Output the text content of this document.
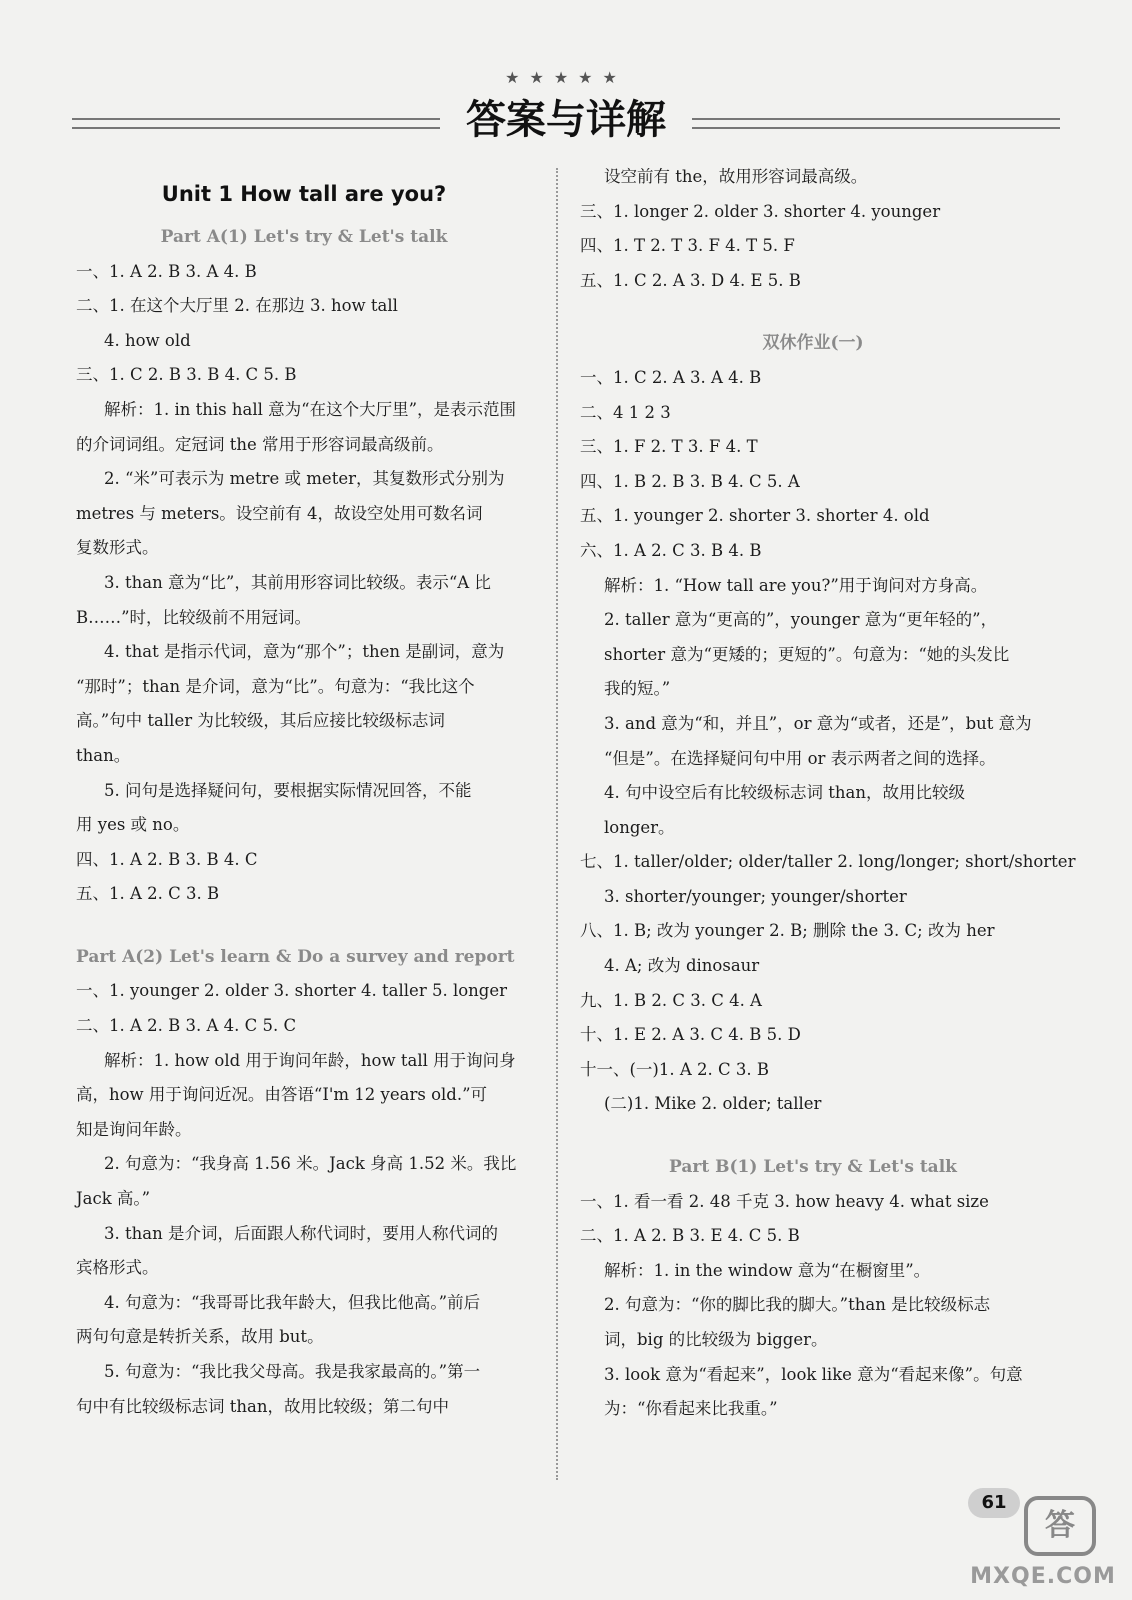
★★★★★
答案与详解
Unit 1 How tall are you?
Part A(1) Let's try & Let's talk
一、1. A 2. B 3. A 4. B
二、1. 在这个大厅里 2. 在那边 3. how tall
4. how old
三、1. C 2. B 3. B 4. C 5. B
解析：1. in this hall 意为“在这个大厅里”，是表示范围
的介词词组。定冠词 the 常用于形容词最高级前。
2. “米”可表示为 metre 或 meter，其复数形式分别为
metres 与 meters。设空前有 4，故设空处用可数名词
复数形式。
3. than 意为“比”，其前用形容词比较级。表示“A 比
B……”时，比较级前不用冠词。
4. that 是指示代词，意为“那个”；then 是副词，意为
“那时”；than 是介词，意为“比”。句意为：“我比这个
高。”句中 taller 为比较级，其后应接比较级标志词
than。
5. 问句是选择疑问句，要根据实际情况回答，不能
用 yes 或 no。
四、1. A 2. B 3. B 4. C
五、1. A 2. C 3. B
Part A(2) Let's learn & Do a survey and report
一、1. younger 2. older 3. shorter 4. taller 5. longer
二、1. A 2. B 3. A 4. C 5. C
解析：1. how old 用于询问年龄，how tall 用于询问身
高，how 用于询问近况。由答语“I'm 12 years old.”可
知是询问年龄。
2. 句意为：“我身高 1.56 米。Jack 身高 1.52 米。我比
Jack 高。”
3. than 是介词，后面跟人称代词时，要用人称代词的
宾格形式。
4. 句意为：“我哥哥比我年龄大，但我比他高。”前后
两句句意是转折关系，故用 but。
5. 句意为：“我比我父母高。我是我家最高的。”第一
句中有比较级标志词 than，故用比较级；第二句中
设空前有 the，故用形容词最高级。
三、1. longer 2. older 3. shorter 4. younger
四、1. T 2. T 3. F 4. T 5. F
五、1. C 2. A 3. D 4. E 5. B
双休作业(一)
一、1. C 2. A 3. A 4. B
二、4 1 2 3
三、1. F 2. T 3. F 4. T
四、1. B 2. B 3. B 4. C 5. A
五、1. younger 2. shorter 3. shorter 4. old
六、1. A 2. C 3. B 4. B
解析：1. “How tall are you?”用于询问对方身高。
2. taller 意为“更高的”，younger 意为“更年轻的”，
shorter 意为“更矮的；更短的”。句意为：“她的头发比
我的短。”
3. and 意为“和，并且”，or 意为“或者，还是”，but 意为
“但是”。在选择疑问句中用 or 表示两者之间的选择。
4. 句中设空后有比较级标志词 than，故用比较级
longer。
七、1. taller/older; older/taller 2. long/longer; short/shorter
3. shorter/younger; younger/shorter
八、1. B; 改为 younger 2. B; 删除 the 3. C; 改为 her
4. A; 改为 dinosaur
九、1. B 2. C 3. C 4. A
十、1. E 2. A 3. C 4. B 5. D
十一、(一)1. A 2. C 3. B
(二)1. Mike 2. older; taller
Part B(1) Let's try & Let's talk
一、1. 看一看 2. 48 千克 3. how heavy 4. what size
二、1. A 2. B 3. E 4. C 5. B
解析：1. in the window 意为“在橱窗里”。
2. 句意为：“你的脚比我的脚大。”than 是比较级标志
词，big 的比较级为 bigger。
3. look 意为“看起来”，look like 意为“看起来像”。句意
为：“你看起来比我重。”
61
答
MXQE.COM
